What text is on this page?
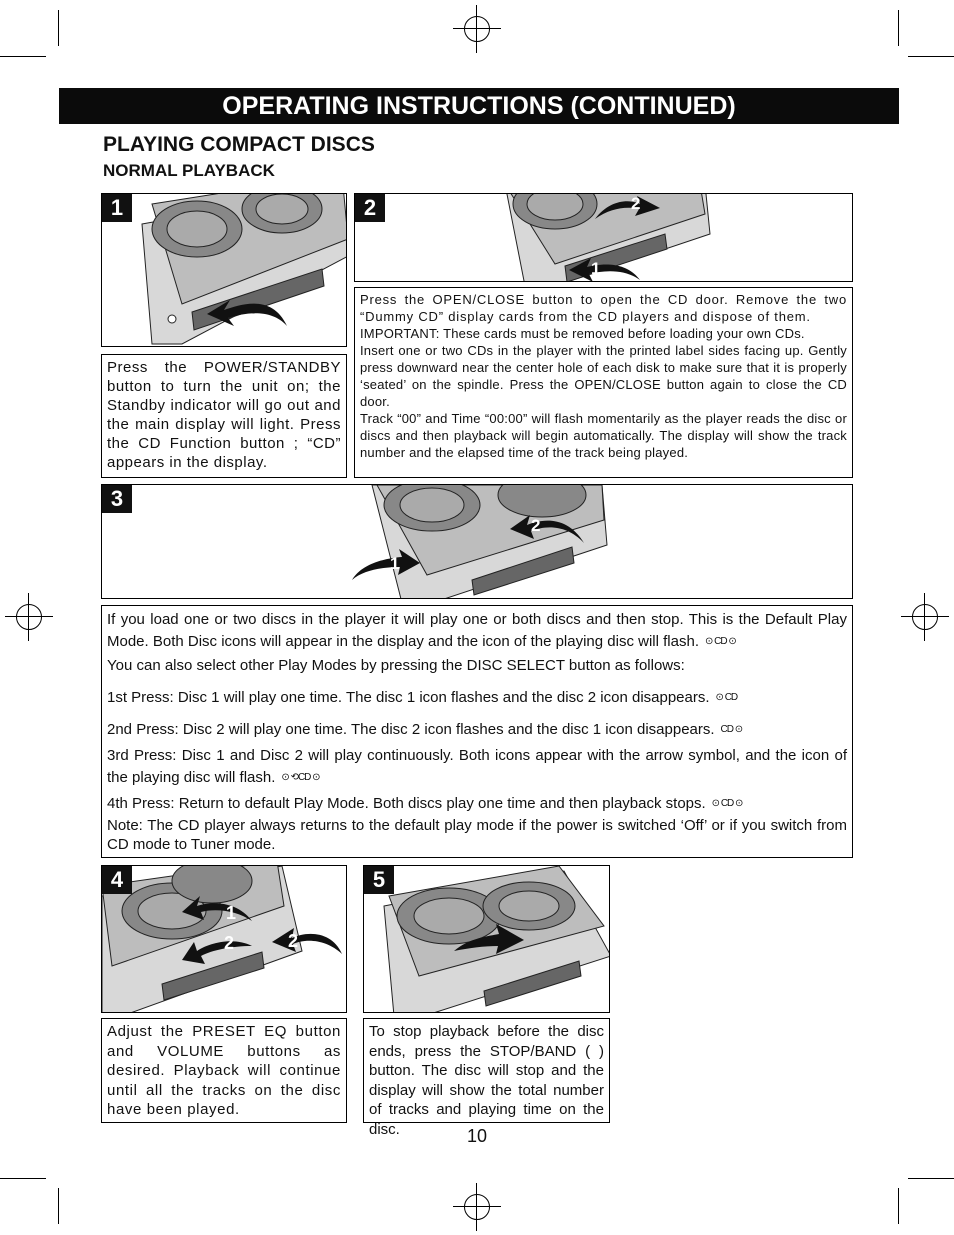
OPERATING INSTRUCTIONS (CONTINUED)
PLAYING COMPACT DISCS
NORMAL PLAYBACK
1

Press the POWER/STANDBY button to turn the unit on; the Standby indicator will go out and the main display will light. Press the CD Function button ; “CD” appears in the display.

2	2
1

Press the OPEN/CLOSE button to open the CD door. Remove the two “Dummy CD” display cards from the CD players and dispose of them.

IMPORTANT: These cards must be removed before loading your own CDs.

Insert one or two CDs in the player with the printed label sides facing up. Gently press downward near the center hole of each disk to make sure that it is properly ‘seated’ on the spindle. Press the OPEN/CLOSE button again to close the CD door.

Track “00” and Time “00:00” will flash momentarily as the player reads the disc or discs and then playback will begin automatically. The display will show the track number and the elapsed time of the track being played.

3
2
1

If you load one or two discs in the player it will play one or both discs and then stop. This is the Default Play Mode. Both Disc icons will appear in the display and the icon of the playing disc will flash. ⊙ CD ⊙

You can also select other Play Modes by pressing the DISC SELECT button as follows:

1st Press: Disc 1 will play one time. The disc 1 icon flashes and the disc 2 icon disappears. ⊙ CD

2nd Press: Disc 2 will play one time. The disc 2 icon flashes and the disc 1 icon disappears. CD ⊙

3rd Press: Disc 1 and Disc 2 will play continuously. Both icons appear with the arrow symbol, and the icon of the playing disc will flash. ⊙ ⟲CD ⊙

4th Press: Return to default Play Mode. Both discs play one time and then playback stops. ⊙ CD ⊙

Note: The CD player always returns to the default play mode if the power is switched ‘Off’ or if you switch from CD mode to Tuner mode.

4
1
2	2

Adjust the PRESET EQ button and VOLUME buttons as desired. Playback will continue until all the tracks on the disc have been played.

5

To stop playback before the disc ends, press the STOP/BAND ( ) button. The disc will stop and the display will show the total number of tracks and playing time on the disc.	10
